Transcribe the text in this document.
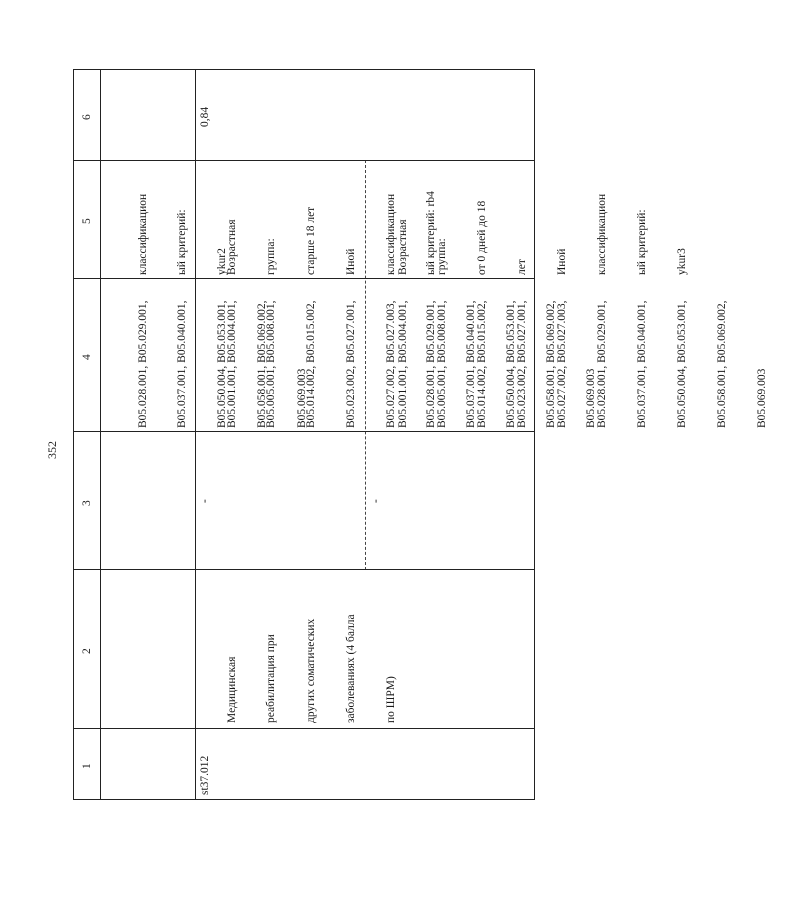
352
6
5
4
3
2
1

В05.028.001, В05.029.001,

В05.037.001, В05.040.001,

В05.050.004, В05.053.001,

В05.058.001, В05.069.002,

В05.069.003

классификацион

ый критерий:

ykur2

st37.012

Медицинская

реабилитация при

других соматических

заболеваниях (4 балла

по ШРМ)

-

В05.001.001, В05.004.001,

В05.005.001, В05.008.001,

В05.014.002, В05.015.002,

В05.023.002, В05.027.001,

В05.027.002, В05.027.003,

В05.028.001, В05.029.001,

В05.037.001, В05.040.001,

В05.050.004, В05.053.001,

В05.058.001, В05.069.002,

В05.069.003

Возрастная

группа:

старше 18 лет

Иной

классификацион

ый критерий: rb4

0,84
-

В05.001.001, В05.004.001,

В05.005.001, В05.008.001,

В05.014.002, В05.015.002,

В05.023.002, В05.027.001,

В05.027.002, В05.027.003,

В05.028.001, В05.029.001,

В05.037.001, В05.040.001,

В05.050.004, В05.053.001,

В05.058.001, В05.069.002,

В05.069.003

Возрастная

группа:

от 0 дней до 18

лет

Иной

классификацион

ый критерий:

ykur3
